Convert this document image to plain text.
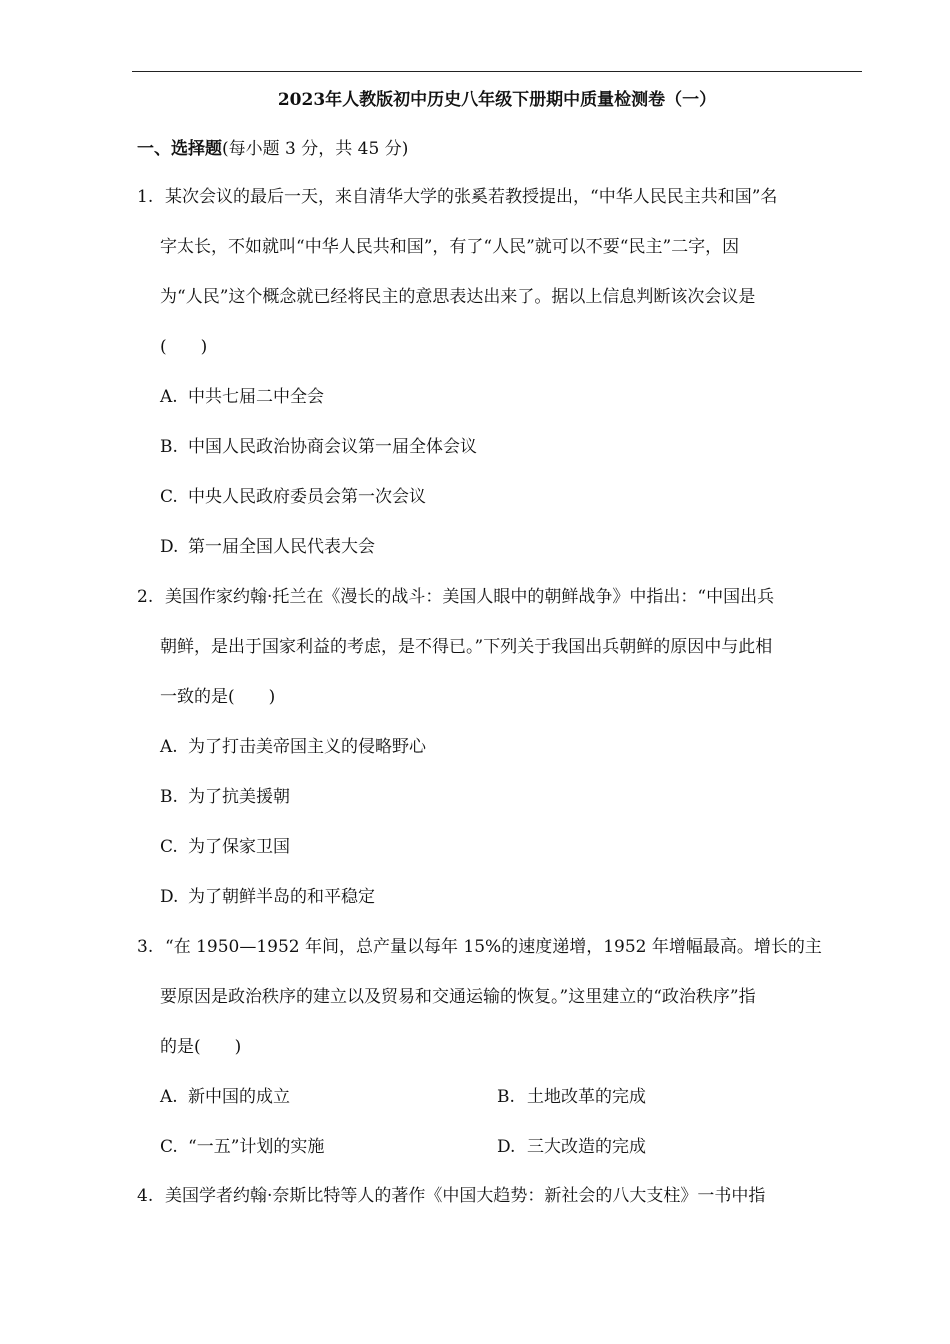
2023年人教版初中历史八年级下册期中质量检测卷（一）
一、选择题(每小题 3 分，共 45 分)
1. 某次会议的最后一天，来自清华大学的张奚若教授提出，“中华人民民主共和国”名
字太长，不如就叫“中华人民共和国”，有了“人民”就可以不要“民主”二字，因
为“人民”这个概念就已经将民主的意思表达出来了。据以上信息判断该次会议是
(　　)
A. 中共七届二中全会
B. 中国人民政治协商会议第一届全体会议
C. 中央人民政府委员会第一次会议
D. 第一届全国人民代表大会
2. 美国作家约翰·托兰在《漫长的战斗：美国人眼中的朝鲜战争》中指出：“中国出兵
朝鲜，是出于国家利益的考虑，是不得已。”下列关于我国出兵朝鲜的原因中与此相
一致的是(　　)
A. 为了打击美帝国主义的侵略野心
B. 为了抗美援朝
C. 为了保家卫国
D. 为了朝鲜半岛的和平稳定
3. “在 1950—1952 年间，总产量以每年 15%的速度递增，1952 年增幅最高。增长的主
要原因是政治秩序的建立以及贸易和交通运输的恢复。”这里建立的“政治秩序”指
的是(　　)
A. 新中国的成立	B. 土地改革的完成
C. “一五”计划的实施	D. 三大改造的完成
4. 美国学者约翰·奈斯比特等人的著作《中国大趋势：新社会的八大支柱》一书中指
